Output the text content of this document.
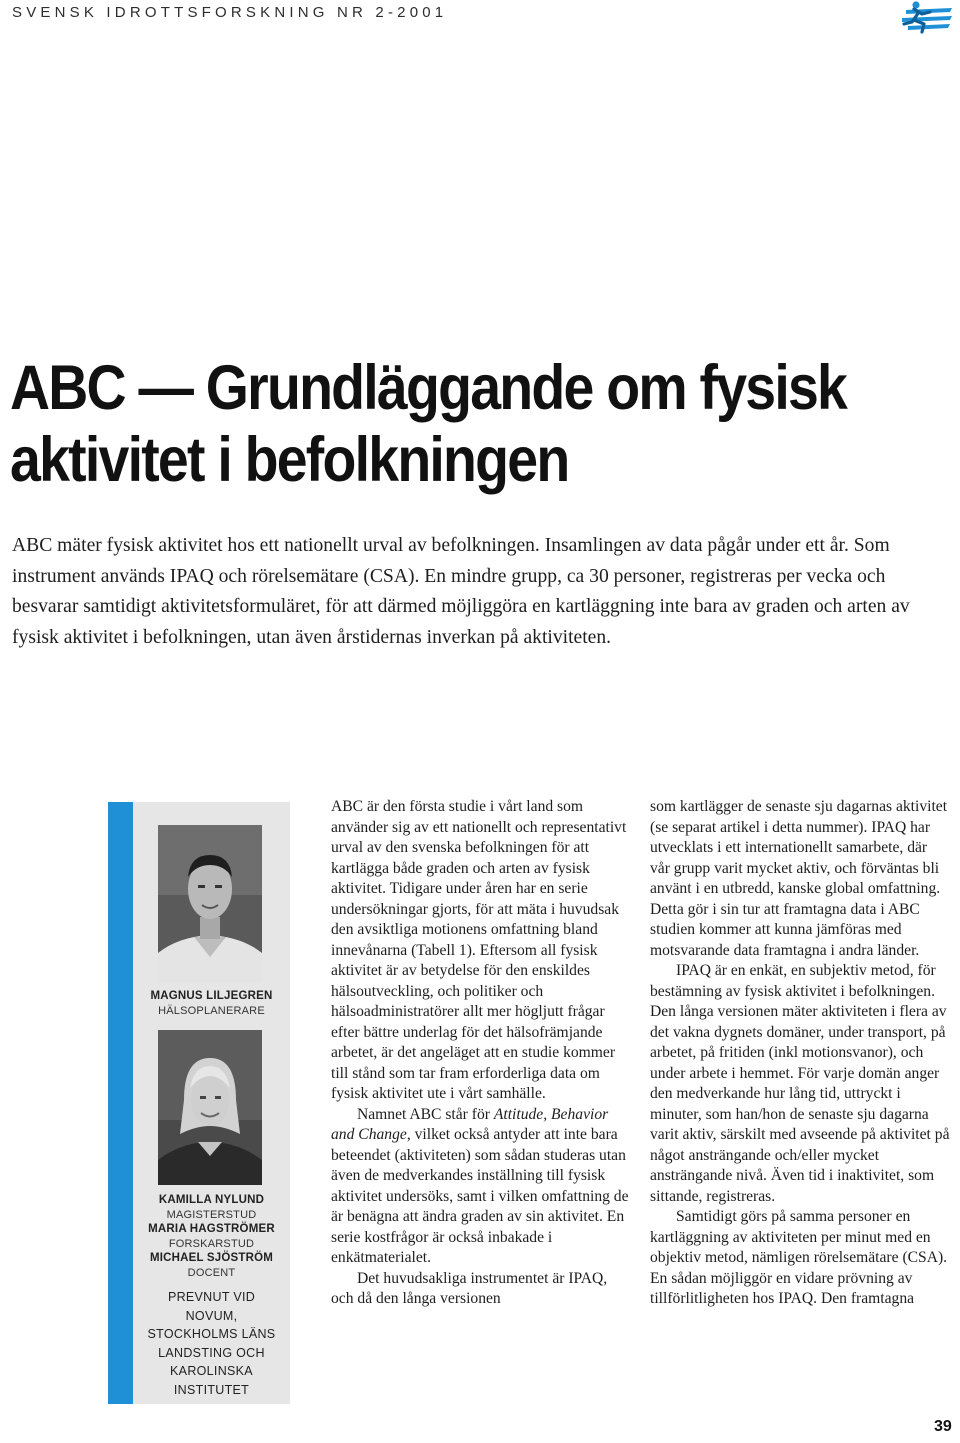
SVENSK IDROTTSFORSKNING NR 2-2001
ABC — Grundläggande om fysisk
aktivitet i befolkningen

ABC mäter fysisk aktivitet hos ett nationellt urval av befolkningen. Insamlingen av data pågår under ett år. Som instrument används IPAQ och rörelsemätare (CSA). En mindre grupp, ca 30 personer, registreras per vecka och besvarar samtidigt aktivitetsformuläret, för att därmed möjliggöra en kartläggning inte bara av graden och arten av fysisk aktivitet i befolkningen, utan även årstidernas inverkan på aktiviteten.

MAGNUS LILJEGREN
HÄLSOPLANERARE
KAMILLA NYLUND
MAGISTERSTUD
MARIA HAGSTRÖMER
FORSKARSTUD
MICHAEL SJÖSTRÖM
DOCENT
PREVNUT VID
NOVUM,
STOCKHOLMS LÄNS
LANDSTING OCH
KAROLINSKA
INSTITUTET

ABC är den första studie i vårt land som använder sig av ett nationellt och representativt urval av den svenska befolkningen för att kartlägga både graden och arten av fysisk aktivitet. Tidigare under åren har en serie undersökningar gjorts, för att mäta i huvudsak den avsiktliga motionens omfattning bland innevånarna (Tabell 1). Eftersom all fysisk aktivitet är av betydelse för den enskildes hälsoutveckling, och politiker och hälsoadministratörer allt mer högljutt frågar efter bättre underlag för det hälsofrämjande arbetet, är det angeläget att en studie kommer till stånd som tar fram erforderliga data om fysisk aktivitet ute i vårt samhälle.

Namnet ABC står för Attitude, Behavior and Change, vilket också antyder att inte bara beteendet (aktiviteten) som sådan studeras utan även de medverkandes inställning till fysisk aktivitet undersöks, samt i vilken omfattning de är benägna att ändra graden av sin aktivitet. En serie kostfrågor är också inbakade i enkätmaterialet.

Det huvudsakliga instrumentet är IPAQ, och då den långa versionen

som kartlägger de senaste sju dagarnas aktivitet (se separat artikel i detta nummer). IPAQ har utvecklats i ett internationellt samarbete, där vår grupp varit mycket aktiv, och förväntas bli använt i en utbredd, kanske global omfattning. Detta gör i sin tur att framtagna data i ABC studien kommer att kunna jämföras med motsvarande data framtagna i andra länder.

IPAQ är en enkät, en subjektiv metod, för bestämning av fysisk aktivitet i befolkningen. Den långa versionen mäter aktiviteten i flera av det vakna dygnets domäner, under transport, på arbetet, på fritiden (inkl motionsvanor), och under arbete i hemmet. För varje domän anger den medverkande hur lång tid, uttryckt i minuter, som han/hon de senaste sju dagarna varit aktiv, särskilt med avseende på aktivitet på något ansträngande och/eller mycket ansträngande nivå. Även tid i inaktivitet, som sittande, registreras.

Samtidigt görs på samma personer en kartläggning av aktiviteten per minut med en objektiv metod, nämligen rörelsemätare (CSA). En sådan möjliggör en vidare prövning av tillförlitligheten hos IPAQ. Den framtagna

39
